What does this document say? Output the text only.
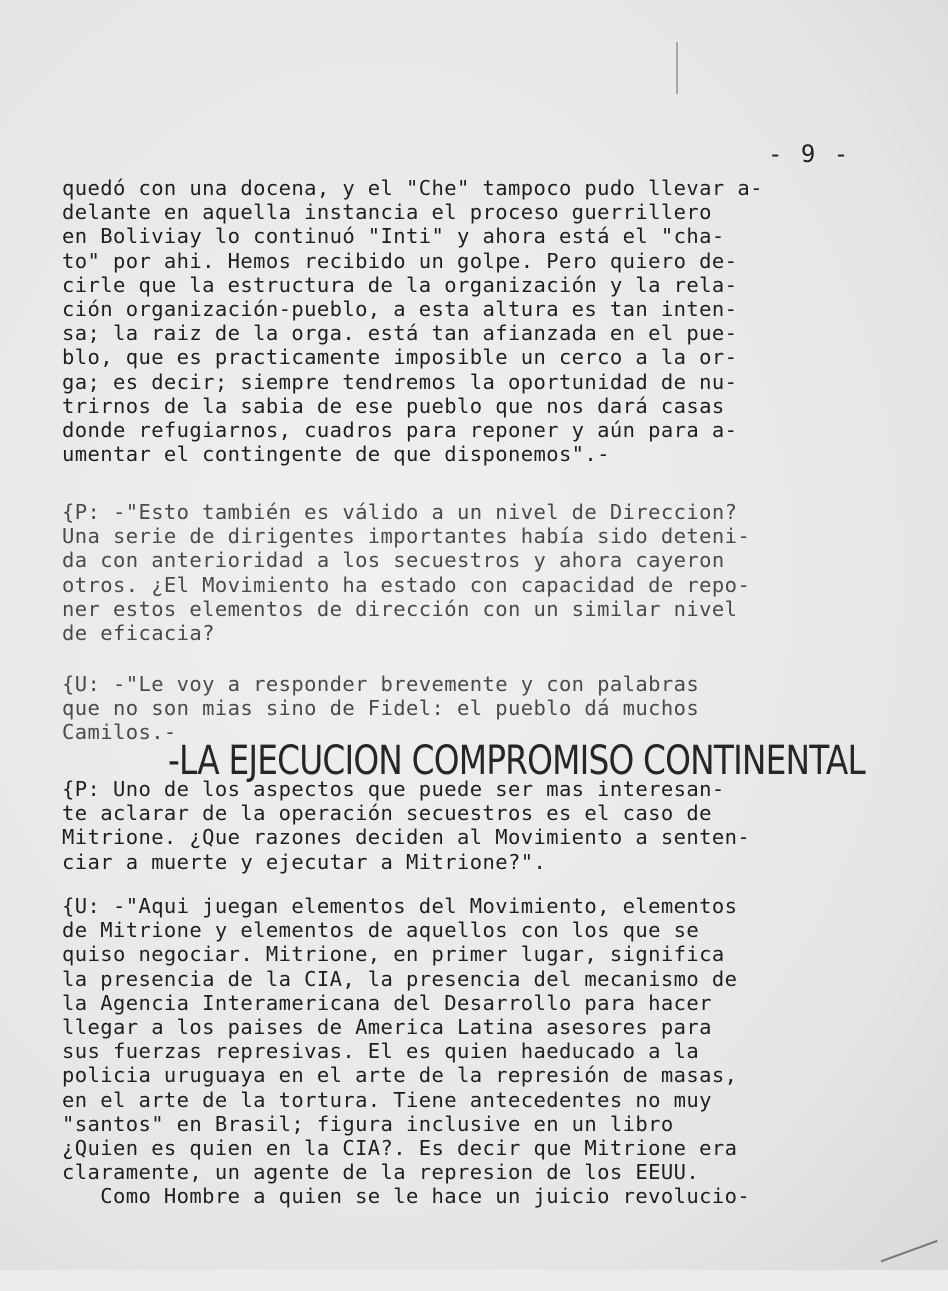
- 9 -
quedó con una docena, y el "Che" tampoco pudo llevar a-
delante en aquella instancia el proceso guerrillero
en Boliviay lo continuó "Inti" y ahora está el "cha-
to" por ahi. Hemos recibido un golpe. Pero quiero de-
cirle que la estructura de la organización y la rela-
ción organización-pueblo, a esta altura es tan inten-
sa; la raiz de la orga. está tan afianzada en el pue-
blo, que es practicamente imposible un cerco a la or-
ga; es decir; siempre tendremos la oportunidad de nu-
trirnos de la sabia de ese pueblo que nos dará casas
donde refugiarnos, cuadros para reponer y aún para a-
umentar el contingente de que disponemos".-
{P: -"Esto también es válido a un nivel de Direccion?
Una serie de dirigentes importantes había sido deteni-
da con anterioridad a los secuestros y ahora cayeron
otros. ¿El Movimiento ha estado con capacidad de repo-
ner estos elementos de dirección con un similar nivel
de eficacia?
{U: -"Le voy a responder brevemente y con palabras
que no son mias sino de Fidel: el pueblo dá muchos
Camilos.-
-LA EJECUCION COMPROMISO CONTINENTAL
{P: Uno de los aspectos que puede ser mas interesan-
te aclarar de la operación secuestros es el caso de
Mitrione. ¿Que razones deciden al Movimiento a senten-
ciar a muerte y ejecutar a Mitrione?".
{U: -"Aqui juegan elementos del Movimiento, elementos
de Mitrione y elementos de aquellos con los que se
quiso negociar. Mitrione, en primer lugar, significa
la presencia de la CIA, la presencia del mecanismo de
la Agencia Interamericana del Desarrollo para hacer
llegar a los paises de America Latina asesores para
sus fuerzas represivas. El es quien haeducado a la
policia uruguaya en el arte de la represión de masas,
en el arte de la tortura. Tiene antecedentes no muy
"santos" en Brasil; figura inclusive en un libro
¿Quien es quien en la CIA?. Es decir que Mitrione era
claramente, un agente de la represion de los EEUU.
Como Hombre a quien se le hace un juicio revolucio-
